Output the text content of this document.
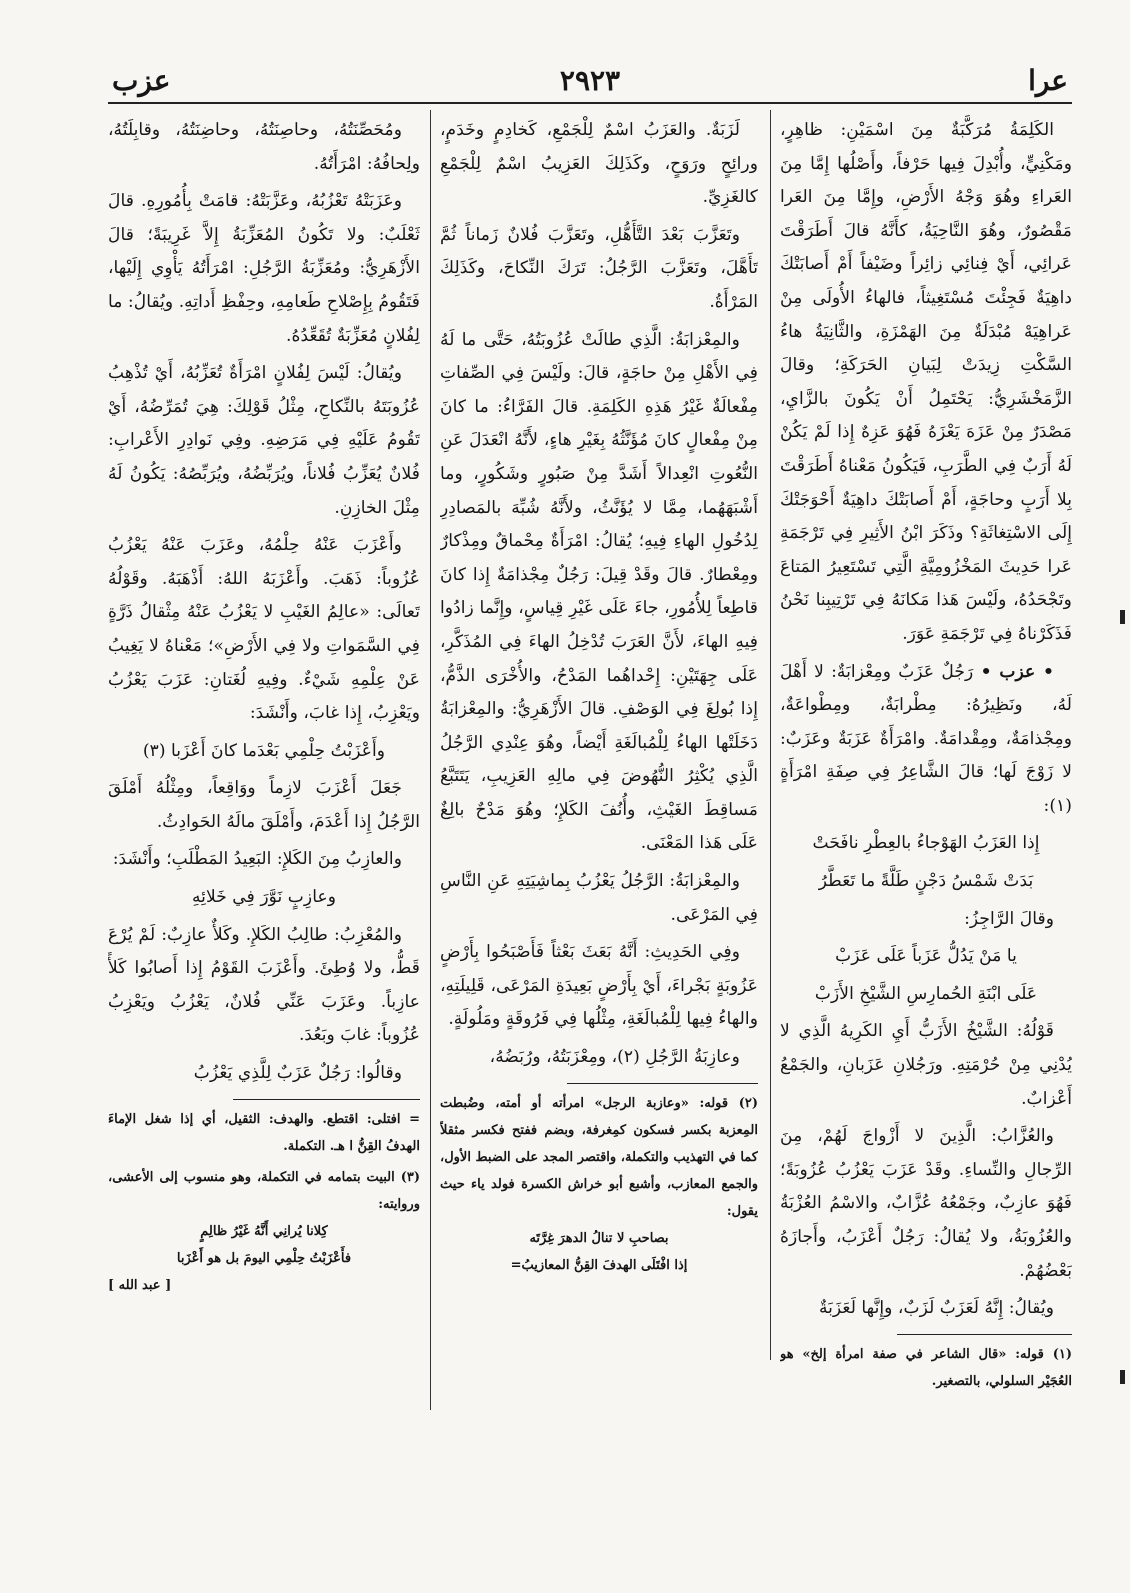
عرا
٢٩٢٣
عزب

الكَلِمَةُ مُرَكَّبَةٌ مِنَ اسْمَيْنِ: ظاهِرٍ، ومَكْنِيٍّ، وأُبْدِلَ فِيها حَرْفاً، وأَصْلُها إِمَّا مِنَ العَراءِ وهُوَ وَجْهُ الأَرْضِ، وإِمَّا مِنَ العَرا مَقْصُورٌ، وهُوَ النَّاحِيَةُ، كأَنَّهُ قالَ أَطَرَقْتَ عَرائِي، أَيْ فِنائِي زائِراً وضَيْفاً أَمْ أَصابَتْكَ داهِيَةٌ فَجِئْتَ مُسْتَغِيثاً، فالهاءُ الأُولَى مِنْ عَراهِيَهْ مُبْدَلَةٌ مِنَ الهَمْزَةِ، والثَّانِيَةُ هاءُ السَّكْتِ زِيدَتْ لِبَيانِ الحَرَكَةِ؛ وقالَ الزَّمَخْشَرِيُّ: يَحْتَمِلُ أَنْ يَكُونَ بالزَّايِ، مَصْدَرٌ مِنْ عَزَهَ يَعْزَهُ فَهُوَ عَزِهٌ إِذا لَمْ يَكُنْ لَهُ أَرَبٌ فِي الطَّرَبِ، فَيَكُونُ مَعْناهُ أَطَرَقْتَ بِلا أَرَبٍ وحاجَةٍ، أَمْ أَصابَتْكَ داهِيَةٌ أَحْوَجَتْكَ إِلَى الاسْتِغاثَةِ؟ وذَكَرَ ابْنُ الأَثِيرِ فِي تَرْجَمَةِ عَرا حَدِيثَ المَخْزُومِيَّةِ الَّتِي تَسْتَعِيرُ المَتاعَ وتَجْحَدُهُ، ولَيْسَ هَذا مَكانَهُ فِي تَرْتِيبِنا نَحْنُ فَذَكَرْناهُ فِي تَرْجَمَةِ عَوَرَ.

• عزب • رَجُلٌ عَزَبٌ ومِعْزابَةٌ: لا أَهْلَ لَهُ، ونَظِيرُهُ: مِطْرابَةٌ، ومِطْواعَةٌ، ومِجْذامَةٌ، ومِقْدامَةٌ. وامْرَأَةٌ عَزَبَةٌ وعَزَبٌ: لا زَوْجَ لَها؛ قالَ الشَّاعِرُ فِي صِفَةِ امْرَأَةٍ (١):

إِذا العَزَبُ الهَوْجاءُ بالعِطْرِ نافَحَتْ

بَدَتْ شَمْسُ دَجْنٍ طَلَّةً ما تَعَطَّرُ

وقالَ الرَّاجِزُ:

يا مَنْ يَدُلُّ عَزَباً عَلَى عَزَبْ

عَلَى ابْنَةِ الحُمارِسِ الشَّيْخِ الأَزَبْ

قَوْلُهُ: الشَّيْخُ الأَزَبُّ أَيِ الكَرِيهُ الَّذِي لا يُدْنِي مِنْ حُرْمَتِهِ. ورَجُلانِ عَزَبانِ، والجَمْعُ أَعْزابٌ.

والعُزَّابُ: الَّذِينَ لا أَزْواجَ لَهُمْ، مِنَ الرِّجالِ والنِّساءِ. وقَدْ عَزَبَ يَعْزُبُ عُزُوبَةً؛ فَهُوَ عازِبٌ، وجَمْعُهُ عُزَّابٌ، والاسْمُ العُزْبَةُ والعُزُوبَةُ، ولا يُقالُ: رَجُلٌ أَعْزَبُ، وأَجازَهُ بَعْضُهُمْ.

ويُقالُ: إِنَّهُ لَعَزَبٌ لَزَبٌ، وإِنَّها لَعَزَبَةٌ

(١) قوله: «قال الشاعر في صفة امرأة إلخ» هو العُجَيْر السلولي، بالتصغير.

لَزَبَةٌ. والعَزَبُ اسْمٌ لِلْجَمْعِ، كَخادِمٍ وخَدَمٍ، ورائِحٍ ورَوَحٍ، وكَذَلِكَ العَزِيبُ اسْمٌ لِلْجَمْعِ كالغَزِيِّ.

وتَعَزَّبَ بَعْدَ التَّأَهُّلِ، وتَعَزَّبَ فُلانٌ زَماناً ثُمَّ تَأَهَّلَ، وتَعَزَّبَ الرَّجُلُ: تَرَكَ النِّكاحَ، وكَذَلِكَ المَرْأَةُ.

والمِعْزابَةُ: الَّذِي طالَتْ عُزُوبَتُهُ، حَتَّى ما لَهُ فِي الأَهْلِ مِنْ حاجَةٍ، قالَ: ولَيْسَ فِي الصِّفاتِ مِفْعالَةٌ غَيْرُ هَذِهِ الكَلِمَةِ. قالَ الفَرَّاءُ: ما كانَ مِنْ مِفْعالٍ كانَ مُؤَنَّثُهُ بِغَيْرِ هاءٍ، لأَنَّهُ انْعَدَلَ عَنِ النُّعُوتِ انْعِدالاً أَشَدَّ مِنْ صَبُورٍ وشَكُورٍ، وما أَشْبَهَهُما، مِمَّا لا يُؤَنَّثُ، ولأَنَّهُ شُبِّهَ بالمَصادِرِ لِدُخُولِ الهاءِ فِيهِ؛ يُقالُ: امْرَأَةٌ مِحْماقٌ ومِذْكارٌ ومِعْطارٌ. قالَ وقَدْ قِيلَ: رَجُلٌ مِجْذامَةٌ إِذا كانَ قاطِعاً لِلأُمُورِ، جاءَ عَلَى غَيْرِ قِياسٍ، وإِنَّما زادُوا فِيهِ الهاءَ، لأَنَّ العَرَبَ تُدْخِلُ الهاءَ فِي المُذَكَّرِ، عَلَى جِهَتَيْنِ: إِحْداهُما المَدْحُ، والأُخْرَى الذَّمُّ، إِذا بُولِغَ فِي الوَصْفِ. قالَ الأَزْهَرِيُّ: والمِعْزابَةُ دَخَلَتْها الهاءُ لِلْمُبالَغَةِ أَيْضاً، وهُوَ عِنْدِي الرَّجُلُ الَّذِي يُكْثِرُ النُّهُوضَ فِي مالِهِ العَزِيبِ، يَتَتَبَّعُ مَساقِطَ الغَيْثِ، وأُنُفَ الكَلإِ؛ وهُوَ مَدْحٌ بالِغٌ عَلَى هَذا المَعْنَى.

والمِعْزابَةُ: الرَّجُلُ يَعْزُبُ بِماشِيَتِهِ عَنِ النَّاسِ فِي المَرْعَى.

وفِي الحَدِيثِ: أَنَّهُ بَعَثَ بَعْثاً فَأَصْبَحُوا بِأَرْضٍ عَزُوبَةٍ بَجْراءَ، أَيْ بِأَرْضٍ بَعِيدَةِ المَرْعَى، قَلِيلَتِهِ، والهاءُ فِيها لِلْمُبالَغَةِ، مِثْلُها فِي فَرُوقَةٍ ومَلُولَةٍ.

وعازِبَةُ الرَّجُلِ (٢)، ومِعْزَبَتُهُ، ورُبَضُهُ،

(٢) قوله: «وعازبة الرجل» امرأته أو أمته، وضُبطت المِعزبة بكسر فسكون كمِغرفة، وبضم ففتح فكسر مثقلاً كما في التهذيب والتكملة، واقتصر المجد على الضبط الأول، والجمع المعازب، وأشبع أبو خراش الكسرة فولد ياء حيث يقول:
بصاحبِ لا تنالُ الدهرَ غِرَّتَه
إذا افْتَلَى الهدفَ القِنُّ المعازيبُ=

ومُحَصِّنَتُهُ، وحاصِنَتُهُ، وحاضِنَتُهُ، وقابِلَتُهُ، ولِحافُهُ: امْرَأَتُهُ.

وعَزَبَتْهُ تَعْزُبُهُ، وعَزَّبَتْهُ: قامَتْ بِأُمُورِهِ. قالَ ثَعْلَبٌ: ولا تَكُونُ المُعَزِّبَةُ إِلاَّ غَرِيبَةً؛ قالَ الأَزْهَرِيُّ: ومُعَزِّبَةُ الرَّجُلِ: امْرَأَتُهُ يَأْوِي إِلَيْها، فَتَقُومُ بِإِصْلاحِ طَعامِهِ، وحِفْظِ أَداتِهِ. ويُقالُ: ما لِفُلانٍ مُعَزِّبَةٌ تُقَعِّدُهُ.

ويُقالُ: لَيْسَ لِفُلانٍ امْرَأَةٌ تُعَزِّبُهُ، أَيْ تُذْهِبُ عُزُوبَتَهُ بالنِّكاحِ، مِثْلُ قَوْلِكَ: هِيَ تُمَرِّضُهُ، أَيْ تَقُومُ عَلَيْهِ فِي مَرَضِهِ. وفِي نَوادِرِ الأَعْرابِ: فُلانٌ يُعَزِّبُ فُلاناً، ويُرَبِّضُهُ، ويُرَبِّصُهُ: يَكُونُ لَهُ مِثْلَ الخازِنِ.

وأَعْزَبَ عَنْهُ حِلْمُهُ، وعَزَبَ عَنْهُ يَعْزُبُ عُزُوباً: ذَهَبَ. وأَعْزَبَهُ اللهُ: أَذْهَبَهُ. وقَوْلُهُ تَعالَى: «عالِمُ الغَيْبِ لا يَعْزُبُ عَنْهُ مِثْقالُ ذَرَّةٍ فِي السَّمَواتِ ولا فِي الأَرْضِ»؛ مَعْناهُ لا يَغِيبُ عَنْ عِلْمِهِ شَيْءٌ. وفِيهِ لُغَتانِ: عَزَبَ يَعْزُبُ ويَعْزِبُ، إِذا غابَ، وأَنْشَدَ:

وأَعْزَبْتُ حِلْمِي بَعْدَما كانَ أَعْزَبا (٣)

جَعَلَ أَعْزَبَ لازِماً ووَاقِعاً، ومِثْلُهُ أَمْلَقَ الرَّجُلُ إِذا أَعْدَمَ، وأَمْلَقَ مالَهُ الحَوادِثُ.

والعازِبُ مِنَ الكَلإِ: البَعِيدُ المَطْلَبِ؛ وأَنْشَدَ:

وعازِبٍ نَوَّرَ فِي خَلائِهِ

والمُعْزِبُ: طالِبُ الكَلإِ. وكَلأٌ عازِبٌ: لَمْ يُرْعَ قَطُّ، ولا وُطِئَ. وأَعْزَبَ القَوْمُ إِذا أَصابُوا كَلأً عازِباً. وعَزَبَ عَنِّي فُلانٌ، يَعْزُبُ ويَعْزِبُ عُزُوباً: غابَ وبَعُدَ.

وقالُوا: رَجُلٌ عَزَبٌ لِلَّذِي يَعْزُبُ

= افتلى: اقتطع. والهدف: الثقيل، أي إذا شغل الإماءَ الهدفُ القِنُّ ا هـ. التكملة.

(٣) البيت بتمامه في التكملة، وهو منسوب إلى الأعشى، وروايته:
كِلانا يُرانِي أَنَّهُ غَيْرُ ظالِمٍ
فأَعْزَبْتُ حِلْمِي اليومَ بل هو أَعْزَبا
[ عبد الله ]
